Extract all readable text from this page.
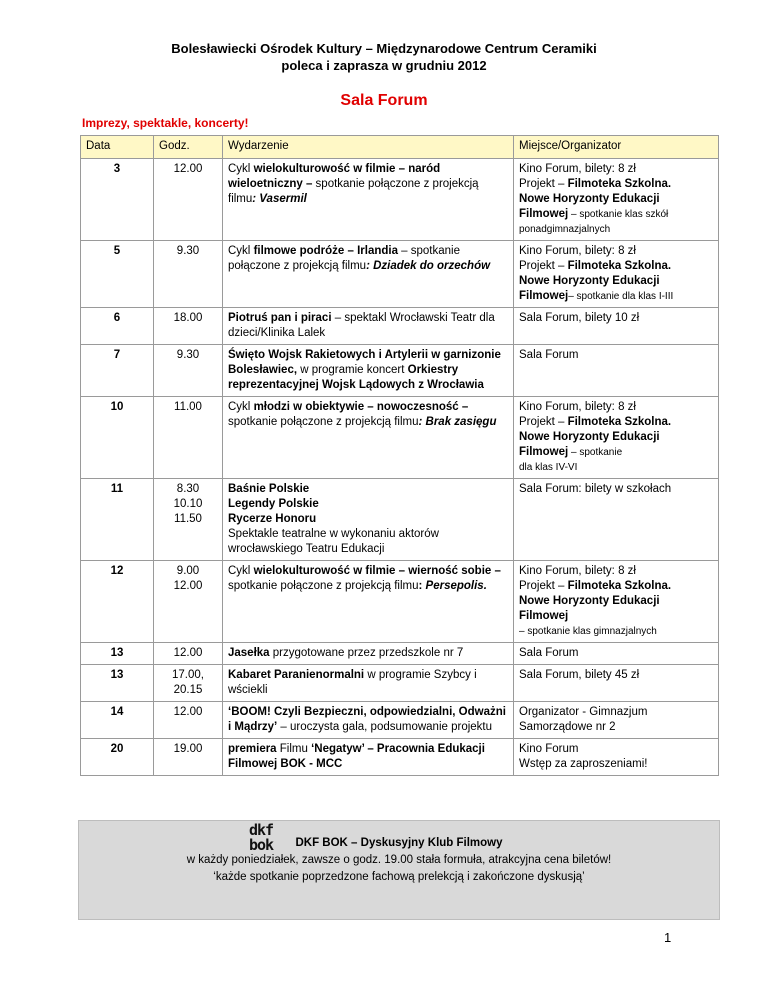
Bolesławiecki Ośrodek Kultury – Międzynarodowe Centrum Ceramiki
poleca i zaprasza w grudniu 2012
Sala Forum
Imprezy, spektakle, koncerty!
Data	Godz.	Wydarzenie	Miejsce/Organizator
3	12.00	Cykl wielokulturowość w filmie – naród wieloetniczny – spotkanie połączone z projekcją filmu: Vasermil	Kino Forum, bilety: 8 zł
Projekt – Filmoteka Szkolna.
Nowe Horyzonty Edukacji
Filmowej – spotkanie klas szkół
ponadgimnazjalnych

5	9.30	Cykl filmowe podróże – Irlandia – spotkanie połączone z projekcją filmu: Dziadek do orzechów	Kino Forum, bilety: 8 zł
Projekt – Filmoteka Szkolna.
Nowe Horyzonty Edukacji
Filmowej– spotkanie dla klas I-III

6	18.00	Piotruś pan i piraci – spektakl Wrocławski Teatr dla dzieci/Klinika Lalek	Sala Forum, bilety 10 zł

7	9.30	Święto Wojsk Rakietowych i Artylerii w garnizonie Bolesławiec, w programie koncert Orkiestry reprezentacyjnej Wojsk Lądowych z Wrocławia	Sala Forum

10	11.00	Cykl młodzi w obiektywie – nowoczesność – spotkanie połączone z projekcją filmu: Brak zasięgu	Kino Forum, bilety: 8 zł
Projekt – Filmoteka Szkolna.
Nowe Horyzonty Edukacji
Filmowej – spotkanie
dla klas IV-VI

11	8.30
10.10
11.50	Baśnie Polskie
Legendy Polskie
Rycerze Honoru
Spektakle teatralne w wykonaniu aktorów wrocławskiego Teatru Edukacji	Sala Forum: bilety w szkołach

12	9.00
12.00	Cykl wielokulturowość w filmie – wierność sobie – spotkanie połączone z projekcją filmu: Persepolis.	Kino Forum, bilety: 8 zł
Projekt – Filmoteka Szkolna.
Nowe Horyzonty Edukacji
Filmowej
– spotkanie klas gimnazjalnych

13	12.00	Jasełka przygotowane przez przedszkole nr 7	Sala Forum

13	17.00,
20.15	Kabaret Paranienormalni w programie Szybcy i wściekli	Sala Forum, bilety 45 zł

14	12.00	‘BOOM! Czyli Bezpieczni, odpowiedzialni, Odważni i Mądrzy’ – uroczysta gala, podsumowanie projektu	Organizator - Gimnazjum
Samorządowe nr 2

20	19.00	premiera Filmu ‘Negatyw’ – Pracownia Edukacji Filmowej BOK - MCC	Kino Forum
Wstęp za zaproszeniami!
dkf
bok	DKF BOK – Dyskusyjny Klub Filmowy
w każdy poniedziałek, zawsze o godz. 19.00 stała formuła, atrakcyjna cena biletów!
‘każde spotkanie poprzedzone fachową prelekcją i zakończone dyskusją’
1
